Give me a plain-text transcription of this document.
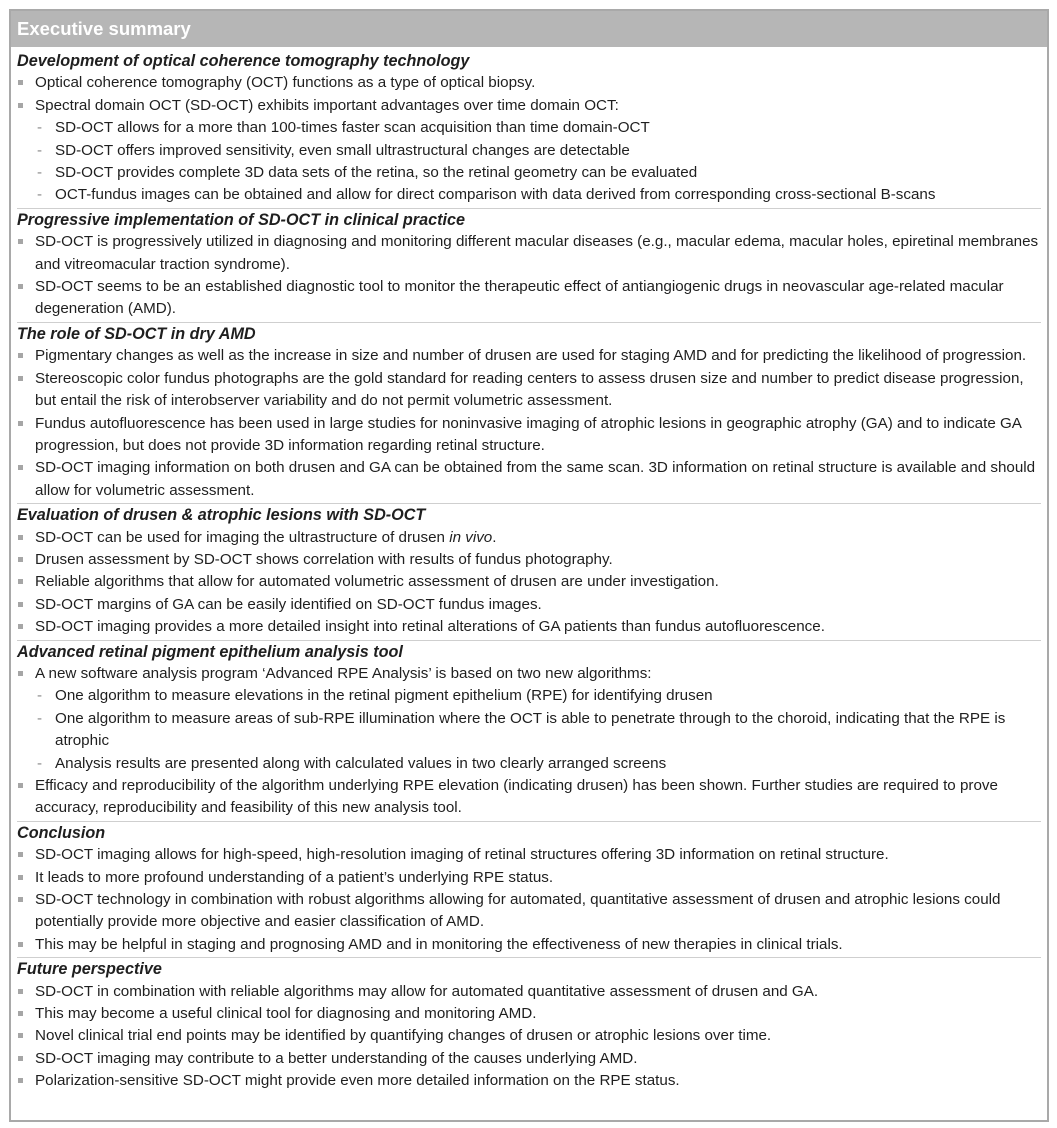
Executive summary
Development of optical coherence tomography technology
Optical coherence tomography (OCT) functions as a type of optical biopsy.
Spectral domain OCT (SD-OCT) exhibits important advantages over time domain OCT:
- SD-OCT allows for a more than 100-times faster scan acquisition than time domain-OCT
- SD-OCT offers improved sensitivity, even small ultrastructural changes are detectable
- SD-OCT provides complete 3D data sets of the retina, so the retinal geometry can be evaluated
- OCT-fundus images can be obtained and allow for direct comparison with data derived from corresponding cross-sectional B-scans
Progressive implementation of SD-OCT in clinical practice
SD-OCT is progressively utilized in diagnosing and monitoring different macular diseases (e.g., macular edema, macular holes, epiretinal membranes and vitreomacular traction syndrome).
SD-OCT seems to be an established diagnostic tool to monitor the therapeutic effect of antiangiogenic drugs in neovascular age-related macular degeneration (AMD).
The role of SD-OCT in dry AMD
Pigmentary changes as well as the increase in size and number of drusen are used for staging AMD and for predicting the likelihood of progression.
Stereoscopic color fundus photographs are the gold standard for reading centers to assess drusen size and number to predict disease progression, but entail the risk of interobserver variability and do not permit volumetric assessment.
Fundus autofluorescence has been used in large studies for noninvasive imaging of atrophic lesions in geographic atrophy (GA) and to indicate GA progression, but does not provide 3D information regarding retinal structure.
SD-OCT imaging information on both drusen and GA can be obtained from the same scan. 3D information on retinal structure is available and should allow for volumetric assessment.
Evaluation of drusen & atrophic lesions with SD-OCT
SD-OCT can be used for imaging the ultrastructure of drusen in vivo.
Drusen assessment by SD-OCT shows correlation with results of fundus photography.
Reliable algorithms that allow for automated volumetric assessment of drusen are under investigation.
SD-OCT margins of GA can be easily identified on SD-OCT fundus images.
SD-OCT imaging provides a more detailed insight into retinal alterations of GA patients than fundus autofluorescence.
Advanced retinal pigment epithelium analysis tool
A new software analysis program ‘Advanced RPE Analysis’ is based on two new algorithms:
- One algorithm to measure elevations in the retinal pigment epithelium (RPE) for identifying drusen
- One algorithm to measure areas of sub-RPE illumination where the OCT is able to penetrate through to the choroid, indicating that the RPE is atrophic
- Analysis results are presented along with calculated values in two clearly arranged screens
Efficacy and reproducibility of the algorithm underlying RPE elevation (indicating drusen) has been shown. Further studies are required to prove accuracy, reproducibility and feasibility of this new analysis tool.
Conclusion
SD-OCT imaging allows for high-speed, high-resolution imaging of retinal structures offering 3D information on retinal structure.
It leads to more profound understanding of a patient’s underlying RPE status.
SD-OCT technology in combination with robust algorithms allowing for automated, quantitative assessment of drusen and atrophic lesions could potentially provide more objective and easier classification of AMD.
This may be helpful in staging and prognosing AMD and in monitoring the effectiveness of new therapies in clinical trials.
Future perspective
SD-OCT in combination with reliable algorithms may allow for automated quantitative assessment of drusen and GA.
This may become a useful clinical tool for diagnosing and monitoring AMD.
Novel clinical trial end points may be identified by quantifying changes of drusen or atrophic lesions over time.
SD-OCT imaging may contribute to a better understanding of the causes underlying AMD.
Polarization-sensitive SD-OCT might provide even more detailed information on the RPE status.
